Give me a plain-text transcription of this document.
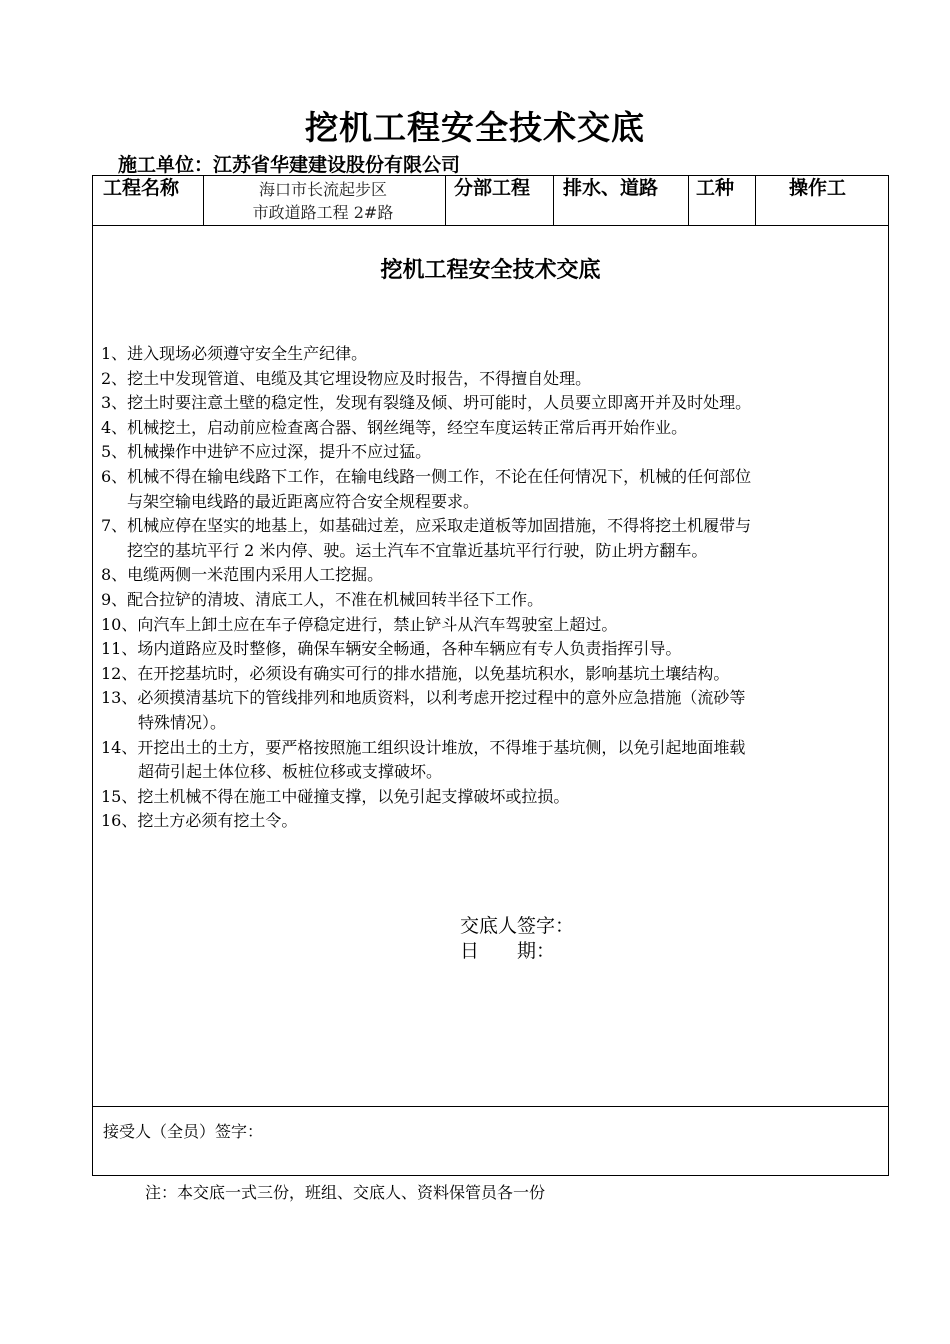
挖机工程安全技术交底
施工单位：江苏省华建建设股份有限公司
工程名称	海口市长流起步区
市政道路工程 2#路
分部工程 排水、道路 工种	操作工
挖机工程安全技术交底
1、进入现场必须遵守安全生产纪律。
2、挖土中发现管道、电缆及其它埋设物应及时报告，不得擅自处理。
3、挖土时要注意土壁的稳定性，发现有裂缝及倾、坍可能时，人员要立即离开并及时处理。
4、机械挖土，启动前应检查离合器、钢丝绳等，经空车度运转正常后再开始作业。
5、机械操作中进铲不应过深，提升不应过猛。
6、机械不得在输电线路下工作，在输电线路一侧工作，不论在任何情况下，机械的任何部位
与架空输电线路的最近距离应符合安全规程要求。
7、机械应停在坚实的地基上，如基础过差，应采取走道板等加固措施，不得将挖土机履带与
挖空的基坑平行 2 米内停、驶。运土汽车不宜靠近基坑平行行驶，防止坍方翻车。
8、电缆两侧一米范围内采用人工挖掘。
9、配合拉铲的清坡、清底工人，不准在机械回转半径下工作。
10、向汽车上卸土应在车子停稳定进行，禁止铲斗从汽车驾驶室上超过。
11、场内道路应及时整修，确保车辆安全畅通，各种车辆应有专人负责指挥引导。
12、在开挖基坑时，必须设有确实可行的排水措施，以免基坑积水，影响基坑土壤结构。
13、必须摸清基坑下的管线排列和地质资料，以利考虑开挖过程中的意外应急措施（流砂等
特殊情况）。
14、开挖出土的土方，要严格按照施工组织设计堆放，不得堆于基坑侧，以免引起地面堆载
超荷引起土体位移、板桩位移或支撑破坏。
15、挖土机械不得在施工中碰撞支撑，以免引起支撑破坏或拉损。
16、挖土方必须有挖土令。
交底人签字：
日　　期：
接受人（全员）签字：
注：本交底一式三份，班组、交底人、资料保管员各一份
